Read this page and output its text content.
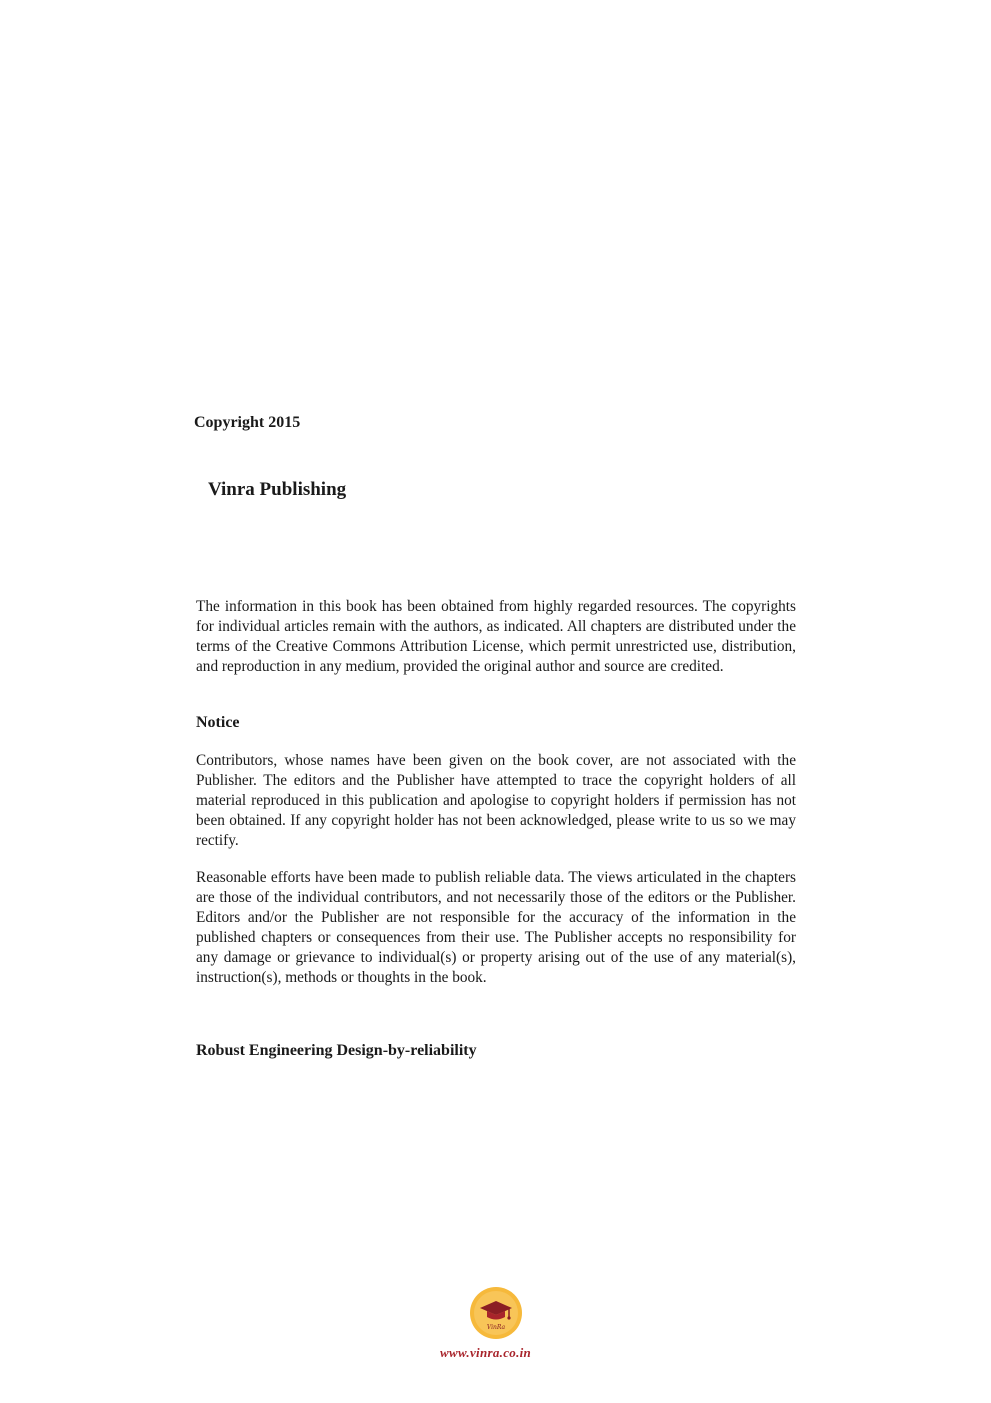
Copyright 2015
Vinra Publishing

The information in this book has been obtained from highly regarded resources. The copyrights for individual articles remain with the authors, as indicated. All chapters are distributed under the terms of the Creative Commons Attribution License, which permit unrestricted use, distribution, and reproduction in any medium, provided the original author and source are credited.

Notice

Contributors, whose names have been given on the book cover, are not associated with the Publisher. The editors and the Publisher have attempted to trace the copyright holders of all material reproduced in this publication and apologise to copyright holders if permission has not been obtained. If any copyright holder has not been acknowledged, please write to us so we may rectify.

Reasonable efforts have been made to publish reliable data. The views articulated in the chapters are those of the individual contributors, and not necessarily those of the editors or the Publisher. Editors and/or the Publisher are not responsible for the accuracy of the information in the published chapters or consequences from their use. The Publisher accepts no responsibility for any damage or grievance to individual(s) or property arising out of the use of any material(s), instruction(s), methods or thoughts in the book.

Robust Engineering Design-by-reliability
VinRa
www.vinra.co.in
